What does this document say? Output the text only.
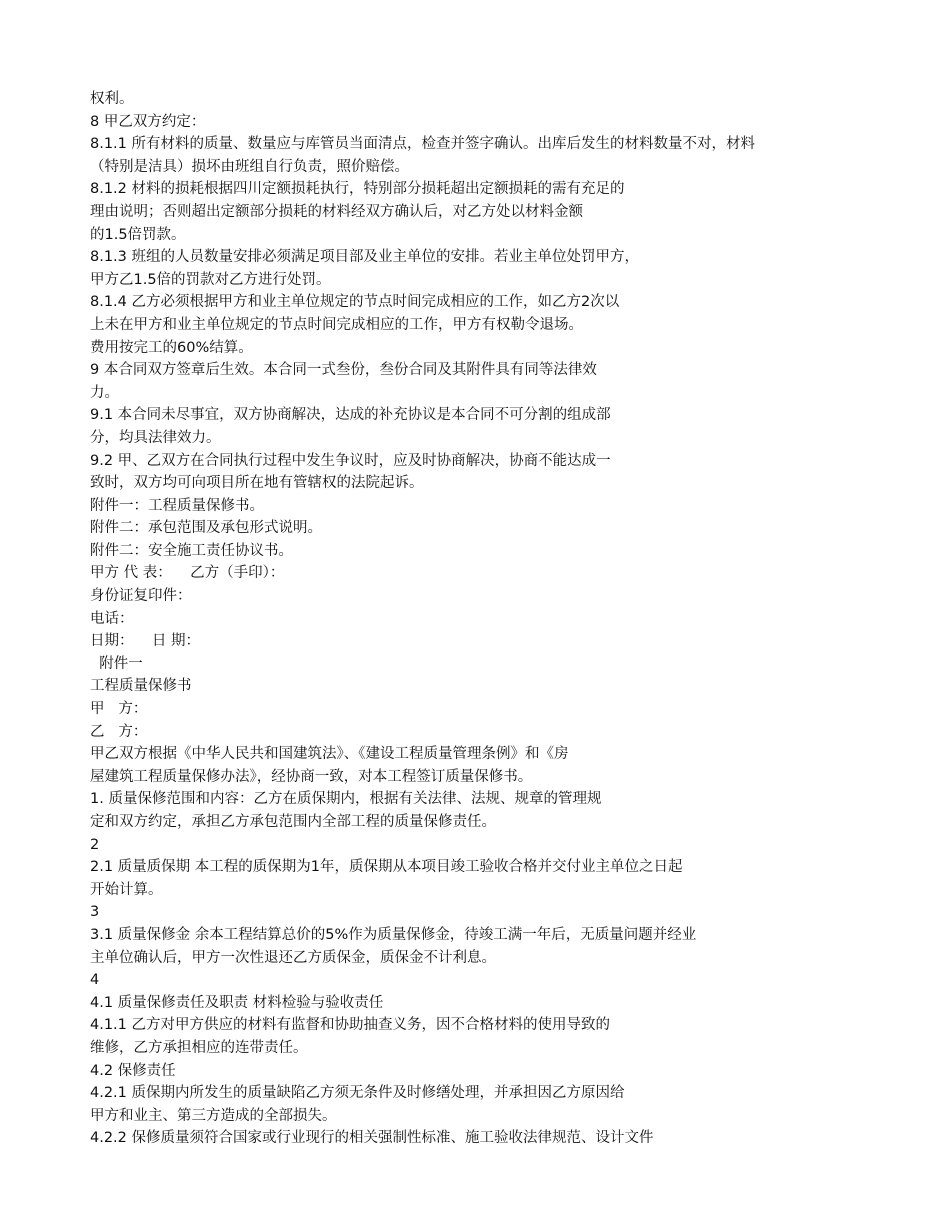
权利。
8 甲乙双方约定：
8.1.1 所有材料的质量、数量应与库管员当面清点，检查并签字确认。出库后发生的材料数量不对，材料
（特别是洁具）损坏由班组自行负责，照价赔偿。
8.1.2 材料的损耗根据四川定额损耗执行，特别部分损耗超出定额损耗的需有充足的
理由说明；否则超出定额部分损耗的材料经双方确认后，对乙方处以材料金额
的1.5倍罚款。
8.1.3 班组的人员数量安排必须满足项目部及业主单位的安排。若业主单位处罚甲方，
甲方乙1.5倍的罚款对乙方进行处罚。
8.1.4 乙方必须根据甲方和业主单位规定的节点时间完成相应的工作，如乙方2次以
上未在甲方和业主单位规定的节点时间完成相应的工作，甲方有权勒令退场。
费用按完工的60%结算。
9 本合同双方签章后生效。本合同一式叁份，叁份合同及其附件具有同等法律效
力。
9.1 本合同未尽事宜，双方协商解决，达成的补充协议是本合同不可分割的组成部
分，均具法律效力。
9.2 甲、乙双方在合同执行过程中发生争议时，应及时协商解决，协商不能达成一
致时，双方均可向项目所在地有管辖权的法院起诉。
附件一：工程质量保修书。
附件二：承包范围及承包形式说明。
附件二：安全施工责任协议书。
甲方 代 表：    乙方（手印）：
身份证复印件：
电话：
日期：    日 期：
附件一
工程质量保修书
甲   方：
乙   方：
甲乙双方根据《中华人民共和国建筑法》、《建设工程质量管理条例》和《房
屋建筑工程质量保修办法》，经协商一致，对本工程签订质量保修书。
1. 质量保修范围和内容：乙方在质保期内，根据有关法律、法规、规章的管理规
定和双方约定，承担乙方承包范围内全部工程的质量保修责任。
2
2.1 质量质保期 本工程的质保期为1年，质保期从本项目竣工验收合格并交付业主单位之日起
开始计算。
3
3.1 质量保修金 余本工程结算总价的5%作为质量保修金，待竣工满一年后，无质量问题并经业
主单位确认后，甲方一次性退还乙方质保金，质保金不计利息。
4
4.1 质量保修责任及职责 材料检验与验收责任
4.1.1 乙方对甲方供应的材料有监督和协助抽查义务，因不合格材料的使用导致的
维修，乙方承担相应的连带责任。
4.2 保修责任
4.2.1 质保期内所发生的质量缺陷乙方须无条件及时修缮处理，并承担因乙方原因给
甲方和业主、第三方造成的全部损失。
4.2.2 保修质量须符合国家或行业现行的相关强制性标准、施工验收法律规范、设计文件
